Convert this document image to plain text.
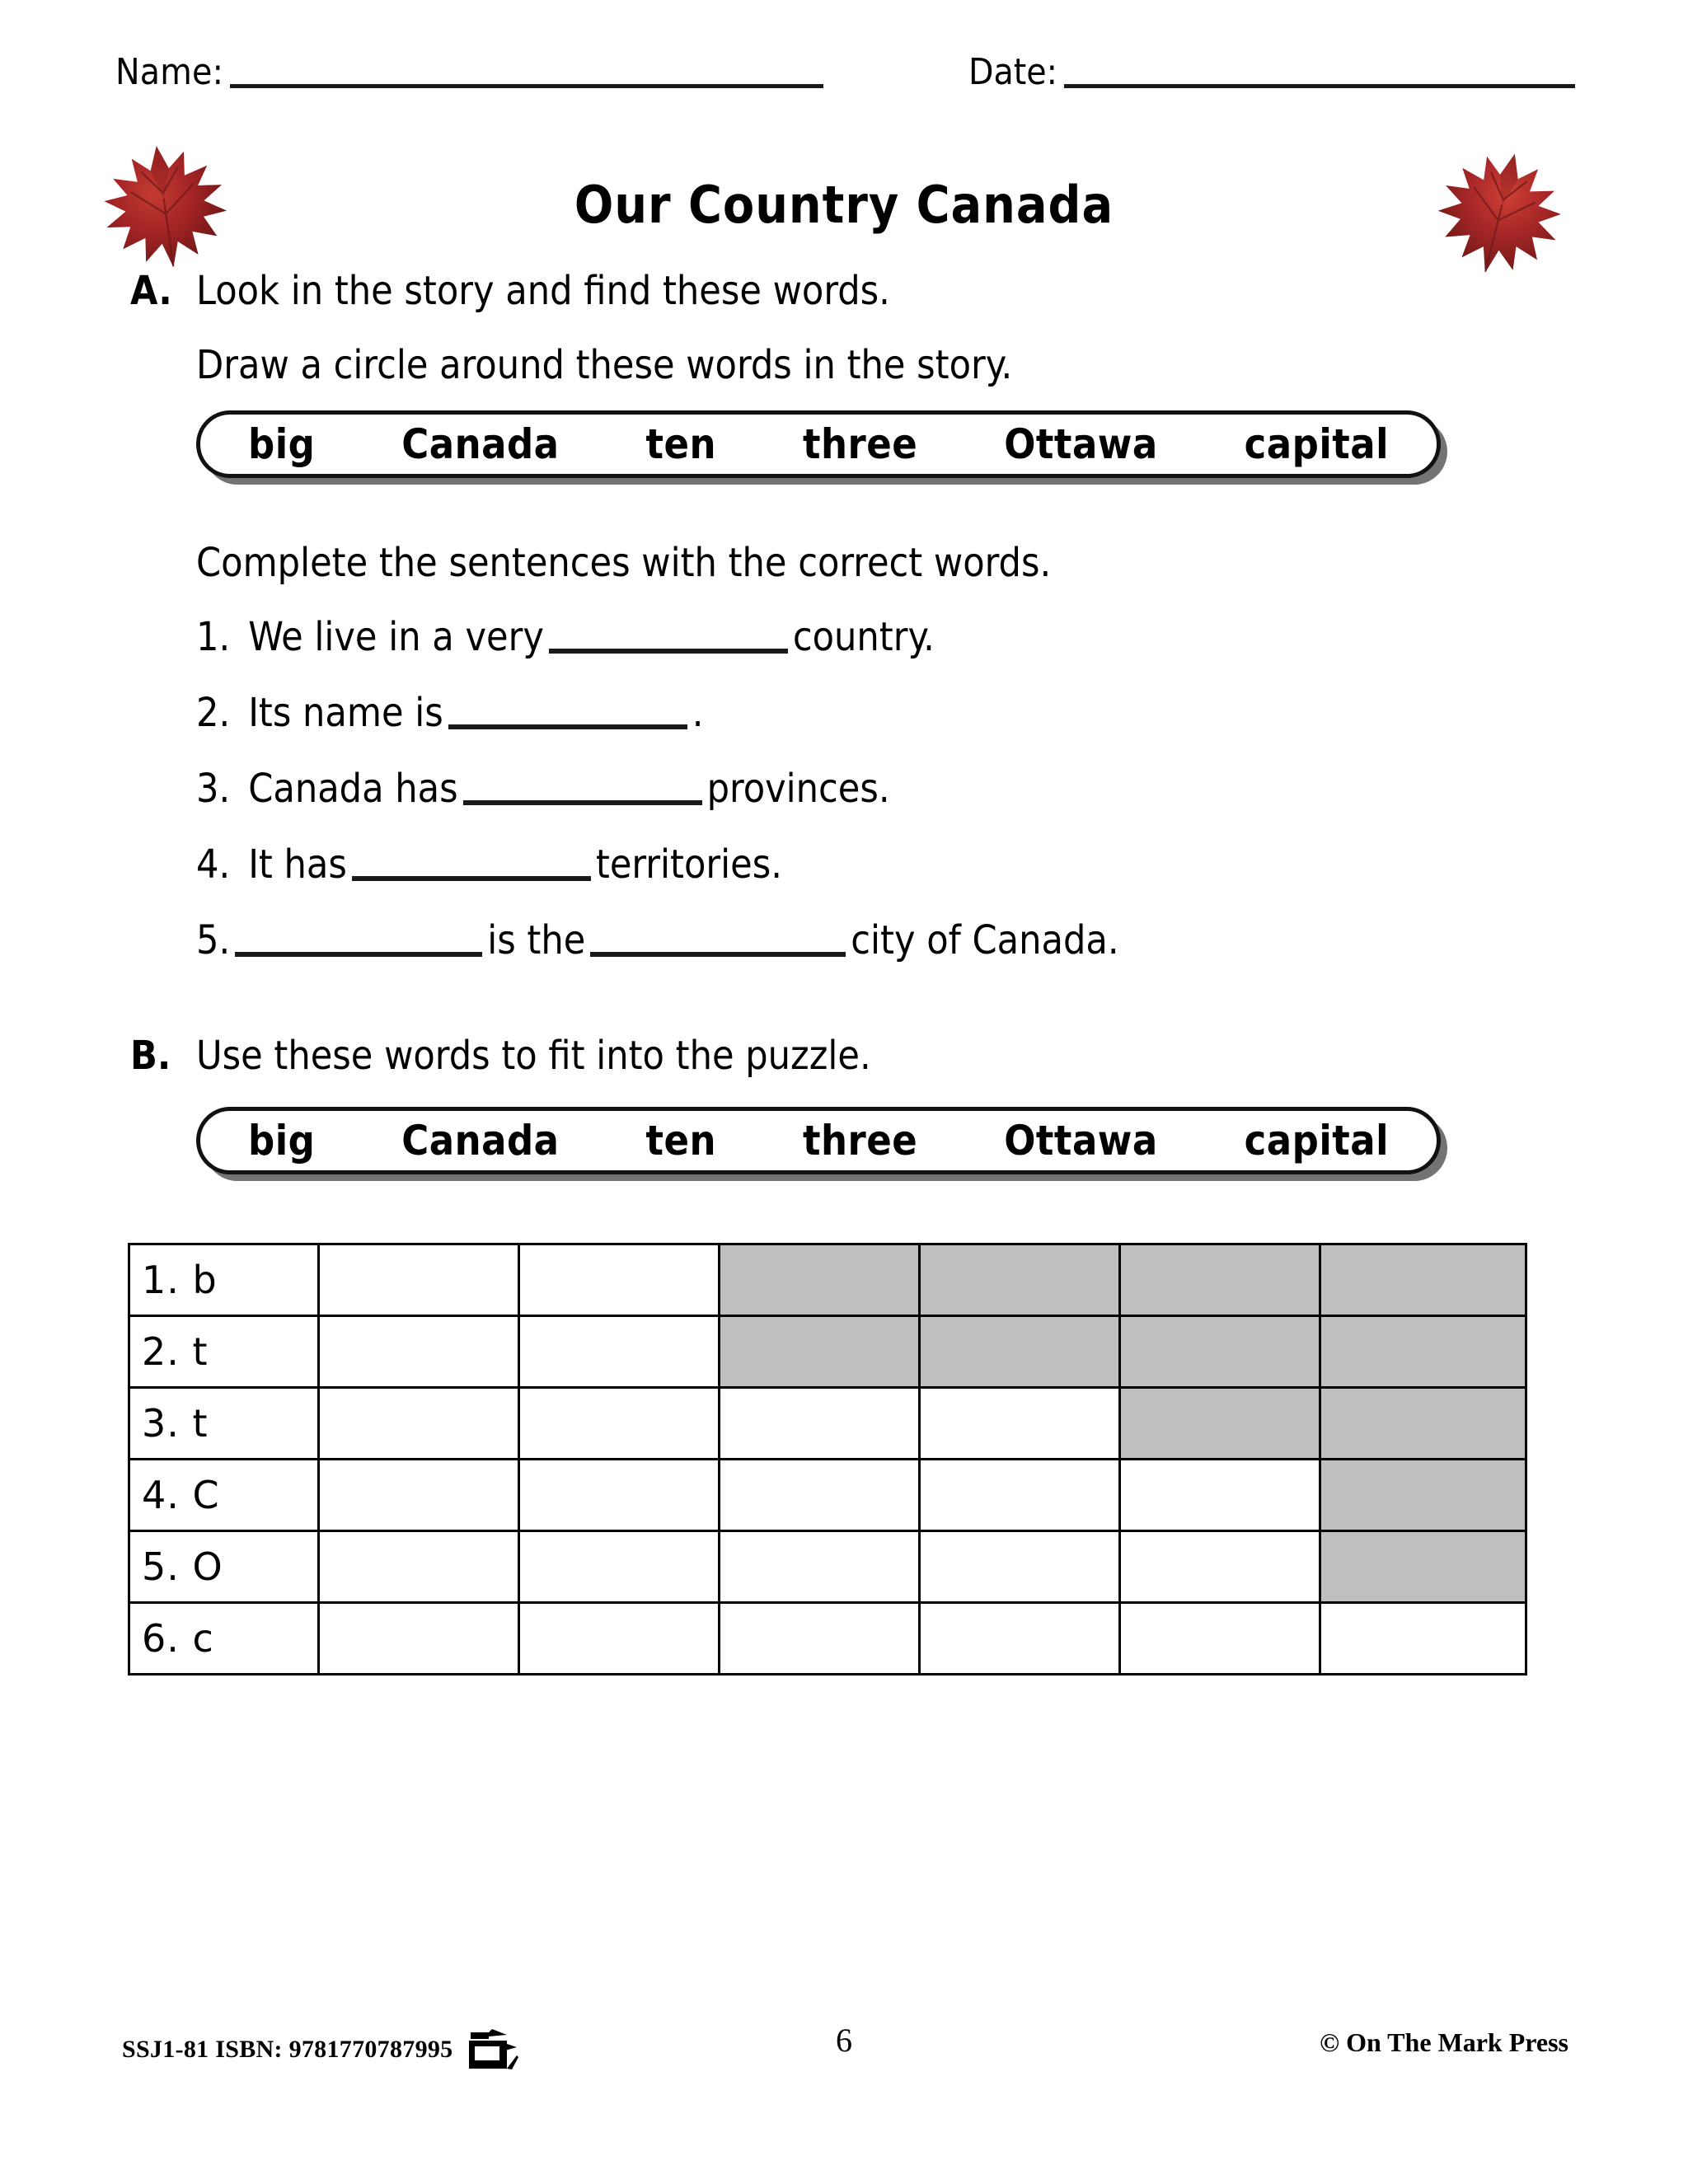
Name:	Date:
Our Country Canada
A. Look in the story and find these words.
Draw a circle around these words in the story.
big Canada ten three Ottawa capital
Complete the sentences with the correct words.
1. We live in a very	country.
2. Its name is	.
3. Canada has	provinces.
4. It has	territories.
5.	is the	city of Canada.
B. Use these words to fit into the puzzle.
big Canada ten three Ottawa capital
1. b						
2. t						
3. t						
4. C						
5. O						
6. c						
SSJ1-81 ISBN: 9781770787995	6	© On The Mark Press
